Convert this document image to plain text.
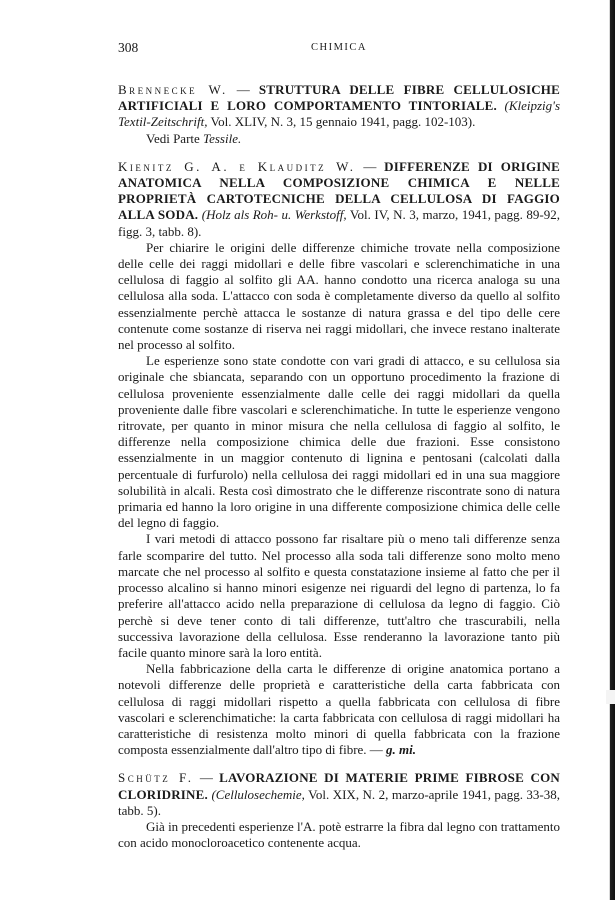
308	CHIMICA

Brennecke W. — STRUTTURA DELLE FIBRE CELLULOSICHE ARTIFICIALI E LORO COMPORTAMENTO TINTORIALE. (Kleipzig's Textil-Zeitschrift, Vol. XLIV, N. 3, 15 gennaio 1941, pagg. 102-103).

Vedi Parte Tessile.

Kienitz G. A. e Klauditz W. — DIFFERENZE DI ORIGINE ANATOMICA NELLA COMPOSIZIONE CHIMICA E NELLE PROPRIETÀ CARTOTECNICHE DELLA CELLULOSA DI FAGGIO ALLA SODA. (Holz als Roh- u. Werkstoff, Vol. IV, N. 3, marzo, 1941, pagg. 89-92, figg. 3, tabb. 8).

Per chiarire le origini delle differenze chimiche trovate nella composizione delle celle dei raggi midollari e delle fibre vascolari e sclerenchimatiche in una cellulosa di faggio al solfito gli AA. hanno condotto una ricerca analoga su una cellulosa alla soda. L'attacco con soda è completamente diverso da quello al solfito essenzialmente perchè attacca le sostanze di natura grassa e del tipo delle cere contenute come sostanze di riserva nei raggi midollari, che invece restano inalterate nel processo al solfito.

Le esperienze sono state condotte con vari gradi di attacco, e su cellulosa sia originale che sbiancata, separando con un opportuno procedimento la frazione di cellulosa proveniente essenzialmente dalle celle dei raggi midollari da quella proveniente dalle fibre vascolari e sclerenchimatiche. In tutte le esperienze vengono ritrovate, per quanto in minor misura che nella cellulosa di faggio al solfito, le differenze nella composizione chimica delle due frazioni. Esse consistono essenzialmente in un maggior contenuto di lignina e pentosani (calcolati dalla percentuale di furfurolo) nella cellulosa dei raggi midollari ed in una sua maggiore solubilità in alcali. Resta così dimostrato che le differenze riscontrate sono di natura primaria ed hanno la loro origine in una differente composizione chimica delle celle del legno di faggio.

I vari metodi di attacco possono far risaltare più o meno tali differenze senza farle scomparire del tutto. Nel processo alla soda tali differenze sono molto meno marcate che nel processo al solfito e questa constatazione insieme al fatto che per il processo alcalino si hanno minori esigenze nei riguardi del legno di partenza, lo fa preferire all'attacco acido nella preparazione di cellulosa da legno di faggio. Ciò perchè si deve tener conto di tali differenze, tutt'altro che trascurabili, nella successiva lavorazione della cellulosa. Esse renderanno la lavorazione tanto più facile quanto minore sarà la loro entità.

Nella fabbricazione della carta le differenze di origine anatomica portano a notevoli differenze delle proprietà e caratteristiche della carta fabbricata con cellulosa di raggi midollari rispetto a quella fabbricata con cellulosa di fibre vascolari e sclerenchimatiche: la carta fabbricata con cellulosa di raggi midollari ha caratteristiche di resistenza molto minori di quella fabbricata con la frazione composta essenzialmente dall'altro tipo di fibre. — g. mi.

Schütz F. — LAVORAZIONE DI MATERIE PRIME FIBROSE CON CLORIDRINE. (Cellulosechemie, Vol. XIX, N. 2, marzo-aprile 1941, pagg. 33-38, tabb. 5).

Già in precedenti esperienze l'A. potè estrarre la fibra dal legno con trattamento con acido monocloroacetico contenente acqua.
